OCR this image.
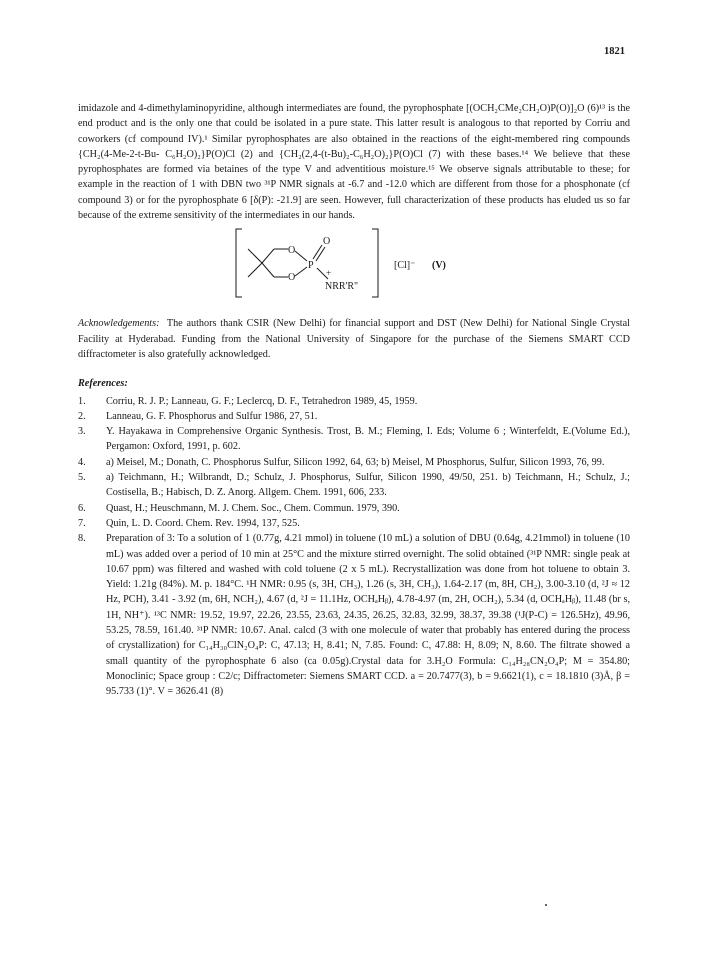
1821

imidazole and 4-dimethylaminopyridine, although intermediates are found, the pyrophosphate [(OCH₂CMe₂CH₂O)P(O)]₂O (6)¹³ is the end product and is the only one that could be isolated in a pure state. This latter result is analogous to that reported by Corriu and coworkers (cf compound IV).¹ Similar pyrophosphates are also obtained in the reactions of the eight-membered ring compounds {CH₂(4-Me-2-t-Bu- C₆H₂O)₂}P(O)Cl (2) and {CH₂(2,4-(t-Bu)₂-C₆H₂O)₂}P(O)Cl (7) with these bases.¹⁴ We believe that these pyrophosphates are formed via betaines of the type V and adventitious moisture.¹⁵ We observe signals attributable to these; for example in the reaction of 1 with DBN two ³¹P NMR signals at -6.7 and -12.0 which are different from those for a phosphonate (cf compound 3) or for the pyrophosphate 6 [δ(P): -21.9] are seen. However, full characterization of these products has eluded us so far because of the extreme sensitivity of the intermediates in our hands.

O
O
P
O
+
NRR'R"
[Cl]⁻ (V)

Acknowledgements: The authors thank CSIR (New Delhi) for financial support and DST (New Delhi) for National Single Crystal Facility at Hyderabad. Funding from the National University of Singapore for the purchase of the Siemens SMART CCD diffractometer is also gratefully acknowledged.

References:

1. Corriu, R. J. P.; Lanneau, G. F.; Leclercq, D. F., Tetrahedron 1989, 45, 1959.
2. Lanneau, G. F. Phosphorus and Sulfur 1986, 27, 51.
3. Y. Hayakawa in Comprehensive Organic Synthesis. Trost, B. M.; Fleming, I. Eds; Volume 6 ; Winterfeldt, E.(Volume Ed.), Pergamon: Oxford, 1991, p. 602.
4. a) Meisel, M.; Donath, C. Phosphorus Sulfur, Silicon 1992, 64, 63; b) Meisel, M Phosphorus, Sulfur, Silicon 1993, 76, 99.
5. a) Teichmann, H.; Wilbrandt, D.; Schulz, J. Phosphorus, Sulfur, Silicon 1990, 49/50, 251. b) Teichmann, H.; Schulz, J.; Costisella, B.; Habisch, D. Z. Anorg. Allgem. Chem. 1991, 606, 233.
6. Quast, H.; Heuschmann, M. J. Chem. Soc., Chem. Commun. 1979, 390.
7. Quin, L. D. Coord. Chem. Rev. 1994, 137, 525.
8. Preparation of 3: To a solution of 1 (0.77g, 4.21 mmol) in toluene (10 mL) a solution of DBU (0.64g, 4.21mmol) in toluene (10 mL) was added over a period of 10 min at 25°C and the mixture stirred overnight. The solid obtained (³¹P NMR: single peak at 10.67 ppm) was filtered and washed with cold toluene (2 x 5 mL). Recrystallization was done from hot toluene to obtain 3. Yield: 1.21g (84%). M. p. 184°C. ¹H NMR: 0.95 (s, 3H, CH₃), 1.26 (s, 3H, CH₃), 1.64-2.17 (m, 8H, CH₂), 3.00-3.10 (d, ²J ≈ 12 Hz, PCH), 3.41 - 3.92 (m, 6H, NCH₂), 4.67 (d, ²J = 11.1Hz, OCHₐHᵦ), 4.78-4.97 (m, 2H, OCH₂), 5.34 (d, OCHₐHᵦ), 11.48 (br s, 1H, NH⁺). ¹³C NMR: 19.52, 19.97, 22.26, 23.55, 23.63, 24.35, 26.25, 32.83, 32.99, 38.37, 39.38 (¹J(P-C) = 126.5Hz), 49.96, 53.25, 78.59, 161.40. ³¹P NMR: 10.67. Anal. calcd (3 with one molecule of water that probably has entered during the process of crystallization) for C₁₄H₃₀ClN₂O₄P: C, 47.13; H, 8.41; N, 7.85. Found: C, 47.88: H, 8.09; N, 8.60. The filtrate showed a small quantity of the pyrophosphate 6 also (ca 0.05g).Crystal data for 3.H₂O Formula: C₁₄H₂₈CN₂O₄P; M = 354.80; Monoclinic; Space group : C2/c; Diffractometer: Siemens SMART CCD. a = 20.7477(3), b = 9.6621(1), c = 18.1810 (3)Å, β = 95.733 (1)°. V = 3626.41 (8)
